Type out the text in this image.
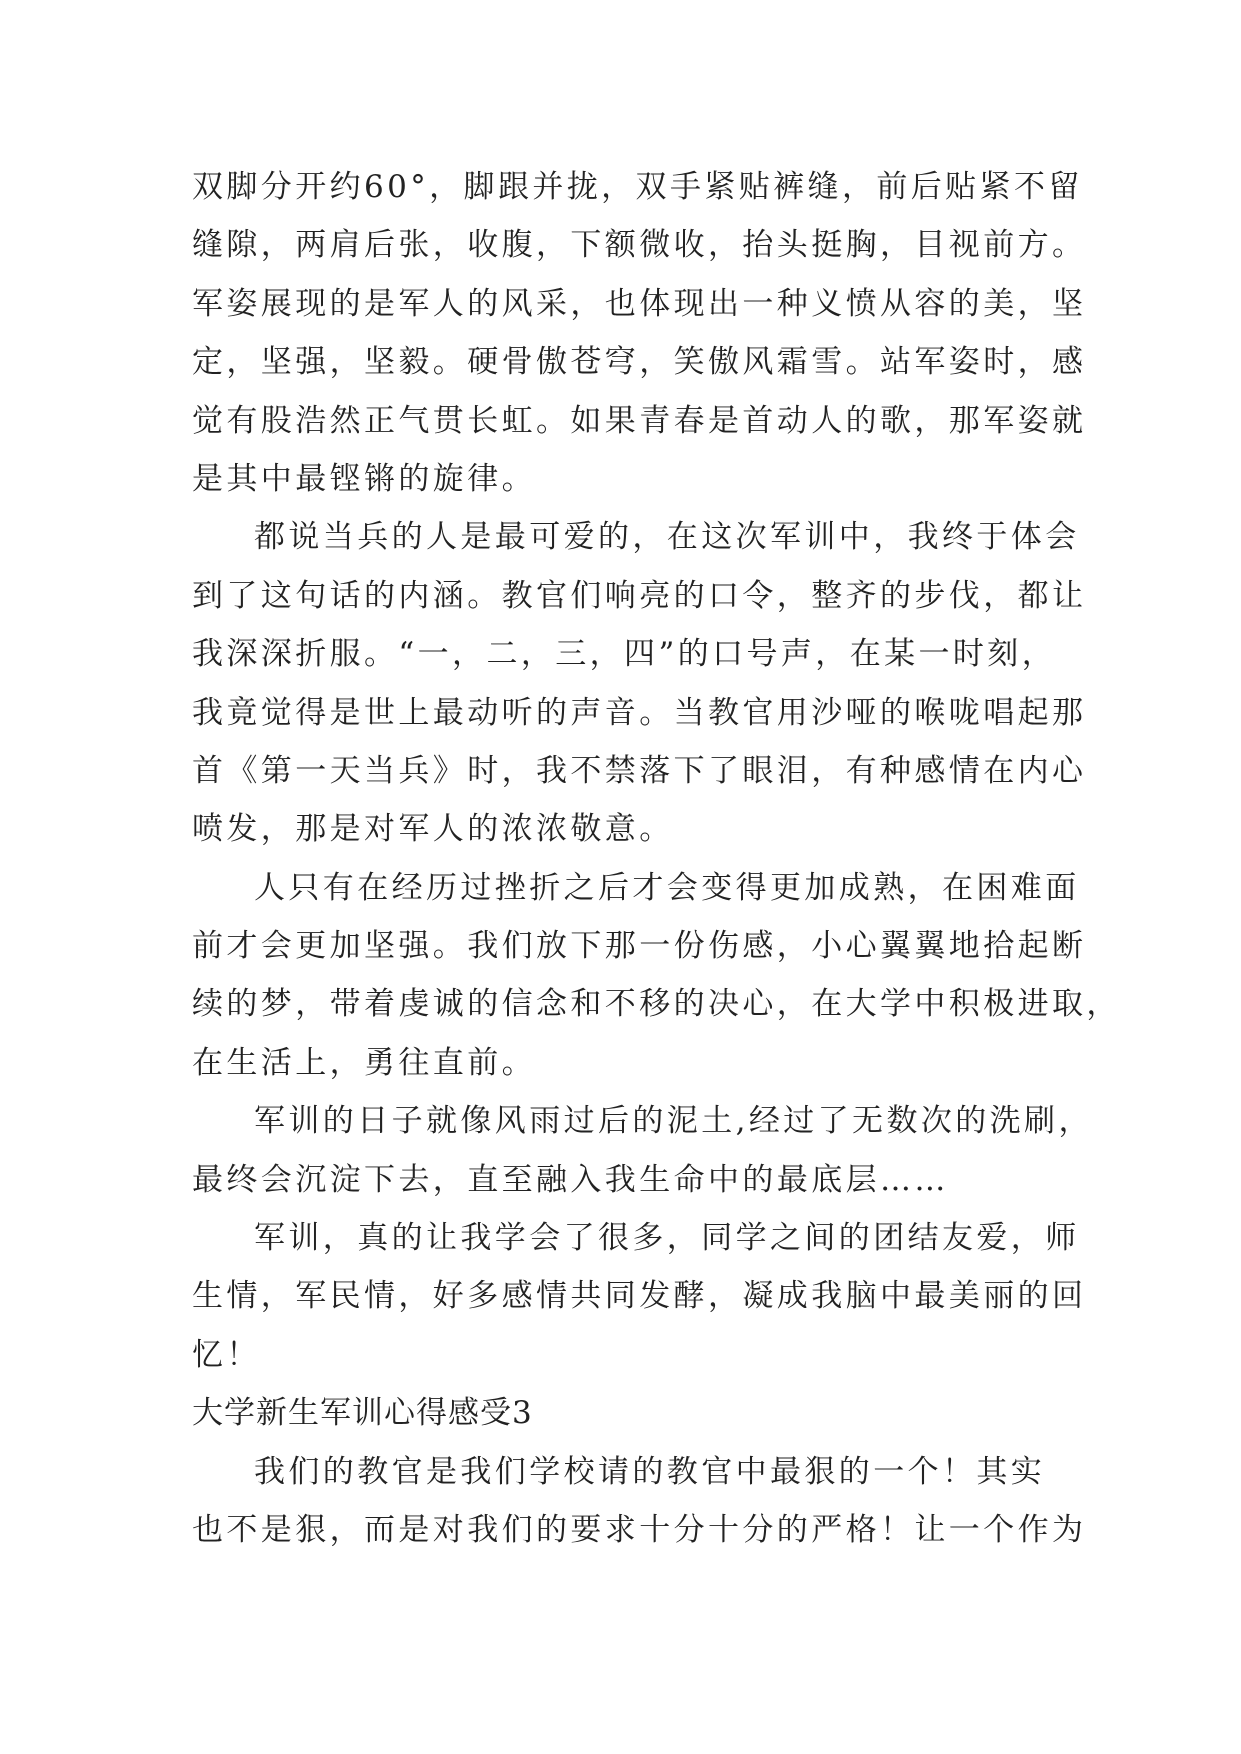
双脚分开约60°，脚跟并拢，双手紧贴裤缝，前后贴紧不留
缝隙，两肩后张，收腹，下额微收，抬头挺胸，目视前方。
军姿展现的是军人的风采，也体现出一种义愤从容的美，坚
定，坚强，坚毅。硬骨傲苍穹，笑傲风霜雪。站军姿时，感
觉有股浩然正气贯长虹。如果青春是首动人的歌，那军姿就
是其中最铿锵的旋律。
都说当兵的人是最可爱的，在这次军训中，我终于体会
到了这句话的内涵。教官们响亮的口令，整齐的步伐，都让
我深深折服。“一，二，三，四”的口号声，在某一时刻，
我竟觉得是世上最动听的声音。当教官用沙哑的喉咙唱起那
首《第一天当兵》时，我不禁落下了眼泪，有种感情在内心
喷发，那是对军人的浓浓敬意。
人只有在经历过挫折之后才会变得更加成熟，在困难面
前才会更加坚强。我们放下那一份伤感，小心翼翼地拾起断
续的梦，带着虔诚的信念和不移的决心，在大学中积极进取，
在生活上，勇往直前。
军训的日子就像风雨过后的泥土,经过了无数次的洗刷，
最终会沉淀下去，直至融入我生命中的最底层……
军训，真的让我学会了很多，同学之间的团结友爱，师
生情，军民情，好多感情共同发酵，凝成我脑中最美丽的回
忆！
大学新生军训心得感受3
我们的教官是我们学校请的教官中最狠的一个！其实
也不是狠，而是对我们的要求十分十分的严格！让一个作为
